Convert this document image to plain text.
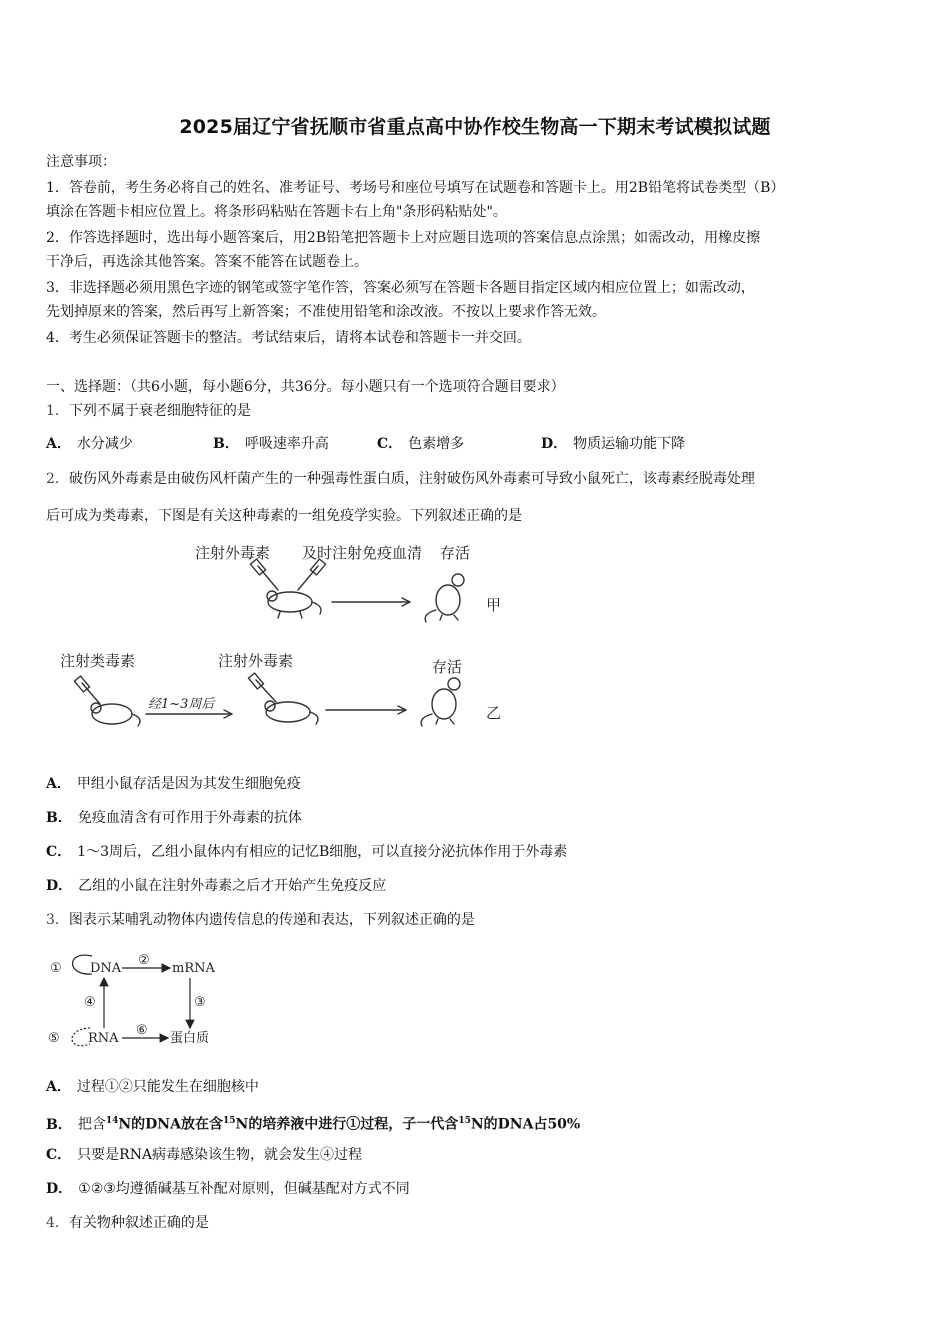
2025届辽宁省抚顺市省重点高中协作校生物高一下期末考试模拟试题
注意事项：
1．答卷前，考生务必将自己的姓名、准考证号、考场号和座位号填写在试题卷和答题卡上。用2B铅笔将试卷类型（B）
填涂在答题卡相应位置上。将条形码粘贴在答题卡右上角"条形码粘贴处"。
2．作答选择题时，选出每小题答案后，用2B铅笔把答题卡上对应题目选项的答案信息点涂黑；如需改动，用橡皮擦
干净后，再选涂其他答案。答案不能答在试题卷上。
3．非选择题必须用黑色字迹的钢笔或签字笔作答，答案必须写在答题卡各题目指定区域内相应位置上；如需改动，
先划掉原来的答案，然后再写上新答案；不准使用铅笔和涂改液。不按以上要求作答无效。
4．考生必须保证答题卡的整洁。考试结束后，请将本试卷和答题卡一并交回。
一、选择题：（共6小题，每小题6分，共36分。每小题只有一个选项符合题目要求）
1．下列不属于衰老细胞特征的是
A． 水分减少	B． 呼吸速率升高	C． 色素增多	D． 物质运输功能下降
2．破伤风外毒素是由破伤风杆菌产生的一种强毒性蛋白质，注射破伤风外毒素可导致小鼠死亡，该毒素经脱毒处理
后可成为类毒素，下图是有关这种毒素的一组免疫学实验。下列叙述正确的是
注射外毒素 及时注射免疫血清 存活
甲
注射类毒素
经1~3周后
注射外毒素	存活
乙
A． 甲组小鼠存活是因为其发生细胞免疫
B． 免疫血清含有可作用于外毒素的抗体
C． 1～3周后，乙组小鼠体内有相应的记忆B细胞，可以直接分泌抗体作用于外毒素
D． 乙组的小鼠在注射外毒素之后才开始产生免疫反应
3．图表示某哺乳动物体内遗传信息的传递和表达，下列叙述正确的是
① DNA
②
mRNA
③
④
⑤ RNA
⑥
蛋白质
A． 过程①②只能发生在细胞核中
B． 把含$^{14}$N的DNA放在含$^{15}$N的培养液中进行①过程，子一代含$^{15}$N的DNA占50%
C． 只要是RNA病毒感染该生物，就会发生④过程
D． ①②③均遵循碱基互补配对原则，但碱基配对方式不同
4．有关物种叙述正确的是
